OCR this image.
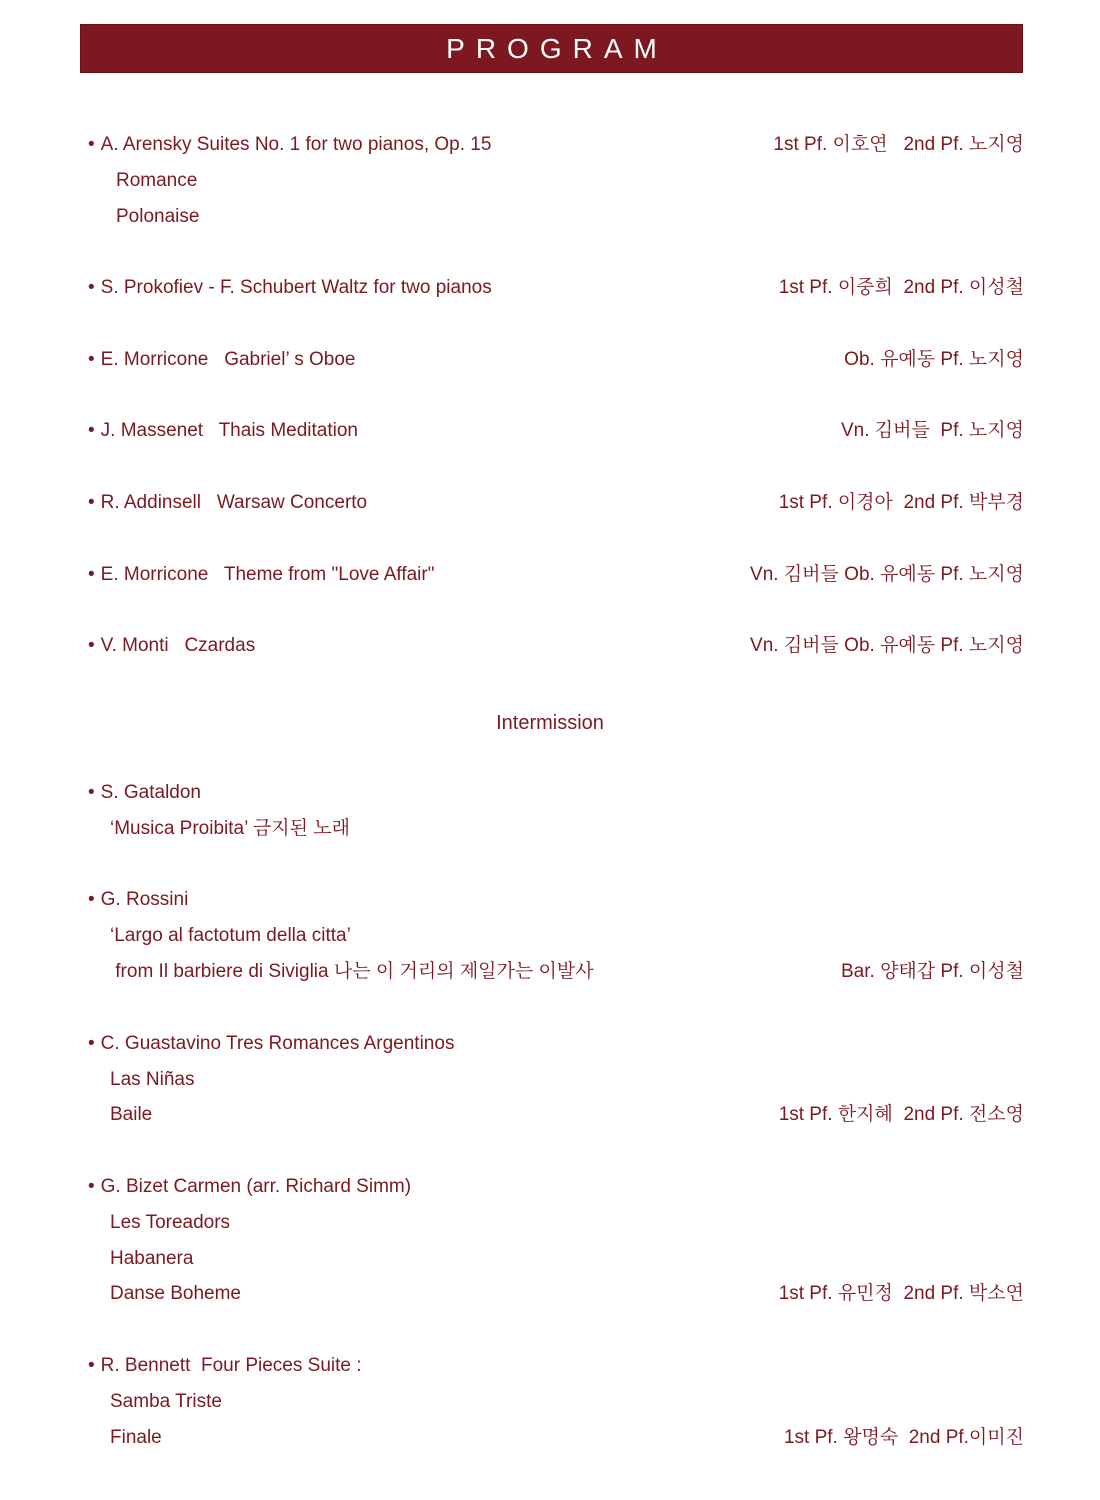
PROGRAM
• A. Arensky Suites No. 1 for two pianos, Op. 15	1st Pf. 이호연   2nd Pf. 노지영
Romance
Polonaise
• S. Prokofiev - F. Schubert Waltz for two pianos	1st Pf. 이중희  2nd Pf. 이성철
• E. Morricone   Gabriel’ s Oboe	Ob. 유예동 Pf. 노지영
• J. Massenet   Thais Meditation	Vn. 김버들  Pf. 노지영
• R. Addinsell   Warsaw Concerto	1st Pf. 이경아  2nd Pf. 박부경
• E. Morricone   Theme from "Love Affair"	Vn. 김버들 Ob. 유예동 Pf. 노지영
• V. Monti   Czardas	Vn. 김버들 Ob. 유예동 Pf. 노지영
Intermission
• S. Gataldon
‘Musica Proibita’ 금지된 노래
• G. Rossini
‘Largo al factotum della citta’
from Il barbiere di Siviglia 나는 이 거리의 제일가는 이발사	Bar. 양태갑 Pf. 이성철
• C. Guastavino Tres Romances Argentinos
Las Niñas
Baile	1st Pf. 한지혜  2nd Pf. 전소영
• G. Bizet Carmen (arr. Richard Simm)
Les Toreadors
Habanera
Danse Boheme	1st Pf. 유민정  2nd Pf. 박소연
• R. Bennett  Four Pieces Suite :
Samba Triste
Finale	1st Pf. 왕명숙  2nd Pf.이미진
